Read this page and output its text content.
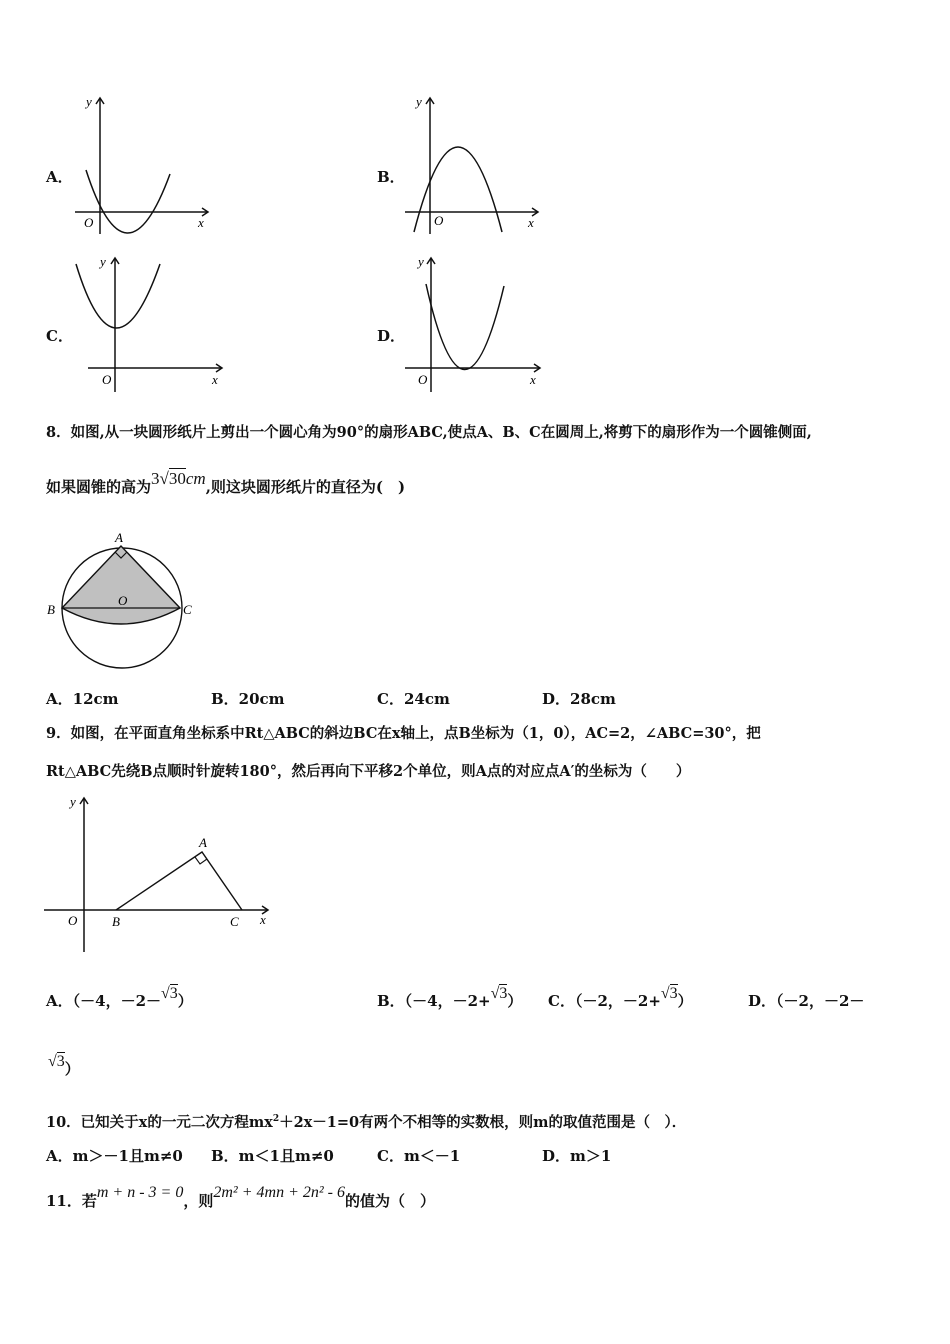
A．
y
x
O
B．
y
x
O
C．
y
x
O
D．
y
x
O
8．如图,从一块圆形纸片上剪出一个圆心角为90°的扇形ABC,使点A、B、C在圆周上,将剪下的扇形作为一个圆锥侧面,
如果圆锥的高为3√30cm,则这块圆形纸片的直径为(　)
A
B	C
O
A．12cm	B．20cm	C．24cm	D．28cm
9．如图，在平面直角坐标系中Rt△ABC的斜边BC在x轴上，点B坐标为（1，0），AC=2，∠ABC=30°，把
Rt△ABC先绕B点顺时针旋转180°，然后再向下平移2个单位，则A点的对应点A′的坐标为（　　）
y
x
O
A
B	C
A．（－4，－2－√3）	B．（－4，－2+√3） C．（－2，－2+√3）	D．（－2，－2－
√3）
10．已知关于x的一元二次方程$mx^2+2x-1=0$有两个不相等的实数根，则m的取值范围是（　）．
A．m＞－1且m≠0 B．m＜1且m≠0	C．m＜－1	D．m＞1
11．若m + n - 3 = 0，则2m² + 4mn + 2n² - 6的值为（　）
